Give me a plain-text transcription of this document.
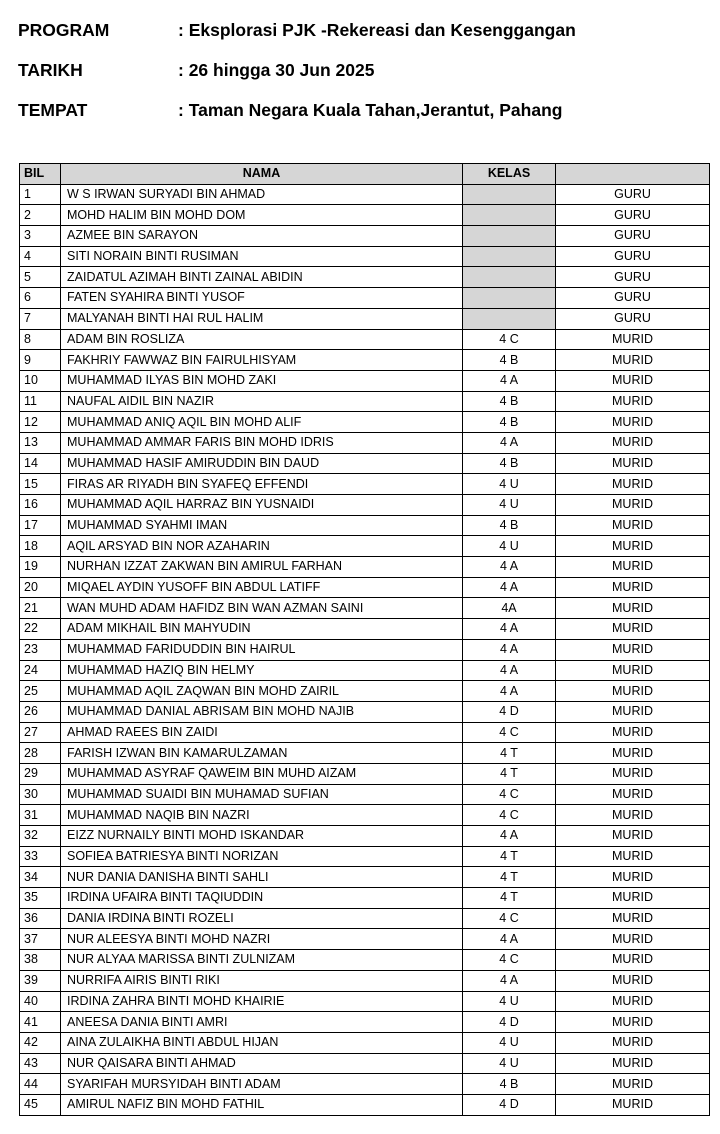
PROGRAM	: Eksplorasi PJK -Rekereasi dan Kesenggangan
TARIKH	: 26 hingga 30 Jun 2025
TEMPAT	: Taman Negara Kuala Tahan,Jerantut, Pahang
BIL	NAMA	KELAS	
1	W S IRWAN SURYADI BIN AHMAD		GURU
2	MOHD HALIM BIN MOHD DOM		GURU
3	AZMEE BIN SARAYON		GURU
4	SITI NORAIN BINTI RUSIMAN		GURU
5	ZAIDATUL AZIMAH BINTI ZAINAL ABIDIN		GURU
6	FATEN SYAHIRA BINTI YUSOF		GURU
7	MALYANAH BINTI HAI RUL HALIM		GURU
8	ADAM BIN ROSLIZA	4 C	MURID
9	FAKHRIY FAWWAZ BIN FAIRULHISYAM	4 B	MURID
10	MUHAMMAD ILYAS BIN MOHD ZAKI	4 A	MURID
11	NAUFAL AIDIL BIN NAZIR	4 B	MURID
12	MUHAMMAD ANIQ AQIL BIN MOHD ALIF	4 B	MURID
13	MUHAMMAD AMMAR FARIS BIN MOHD IDRIS	4 A	MURID
14	MUHAMMAD HASIF AMIRUDDIN BIN DAUD	4 B	MURID
15	FIRAS AR RIYADH BIN SYAFEQ EFFENDI	4 U	MURID
16	MUHAMMAD AQIL HARRAZ BIN YUSNAIDI	4 U	MURID
17	MUHAMMAD SYAHMI IMAN	4 B	MURID
18	AQIL ARSYAD BIN NOR AZAHARIN	4 U	MURID
19	NURHAN IZZAT ZAKWAN BIN AMIRUL FARHAN	4 A	MURID
20	MIQAEL AYDIN YUSOFF BIN ABDUL LATIFF	4 A	MURID
21	WAN MUHD ADAM HAFIDZ BIN WAN AZMAN SAINI	4A	MURID
22	ADAM MIKHAIL BIN MAHYUDIN	4 A	MURID
23	MUHAMMAD FARIDUDDIN BIN HAIRUL	4 A	MURID
24	MUHAMMAD HAZIQ BIN HELMY	4 A	MURID
25	MUHAMMAD AQIL ZAQWAN BIN MOHD ZAIRIL	4 A	MURID
26	MUHAMMAD DANIAL ABRISAM BIN MOHD NAJIB	4 D	MURID
27	AHMAD RAEES BIN ZAIDI	4 C	MURID
28	FARISH IZWAN BIN KAMARULZAMAN	4 T	MURID
29	MUHAMMAD ASYRAF QAWEIM BIN MUHD AIZAM	4 T	MURID
30	MUHAMMAD SUAIDI BIN MUHAMAD SUFIAN	4 C	MURID
31	MUHAMMAD NAQIB BIN NAZRI	4 C	MURID
32	EIZZ NURNAILY BINTI MOHD ISKANDAR	4 A	MURID
33	SOFIEA BATRIESYA BINTI NORIZAN	4 T	MURID
34	NUR DANIA DANISHA BINTI SAHLI	4 T	MURID
35	IRDINA UFAIRA BINTI TAQIUDDIN	4 T	MURID
36	DANIA IRDINA BINTI ROZELI	4 C	MURID
37	NUR ALEESYA BINTI MOHD NAZRI	4 A	MURID
38	NUR ALYAA MARISSA BINTI ZULNIZAM	4 C	MURID
39	NURRIFA AIRIS BINTI RIKI	4 A	MURID
40	IRDINA ZAHRA BINTI MOHD KHAIRIE	4 U	MURID
41	ANEESA DANIA BINTI AMRI	4 D	MURID
42	AINA ZULAIKHA BINTI ABDUL HIJAN	4 U	MURID
43	NUR QAISARA BINTI AHMAD	4 U	MURID
44	SYARIFAH MURSYIDAH BINTI ADAM	4 B	MURID
45	AMIRUL NAFIZ BIN MOHD FATHIL	4 D	MURID
